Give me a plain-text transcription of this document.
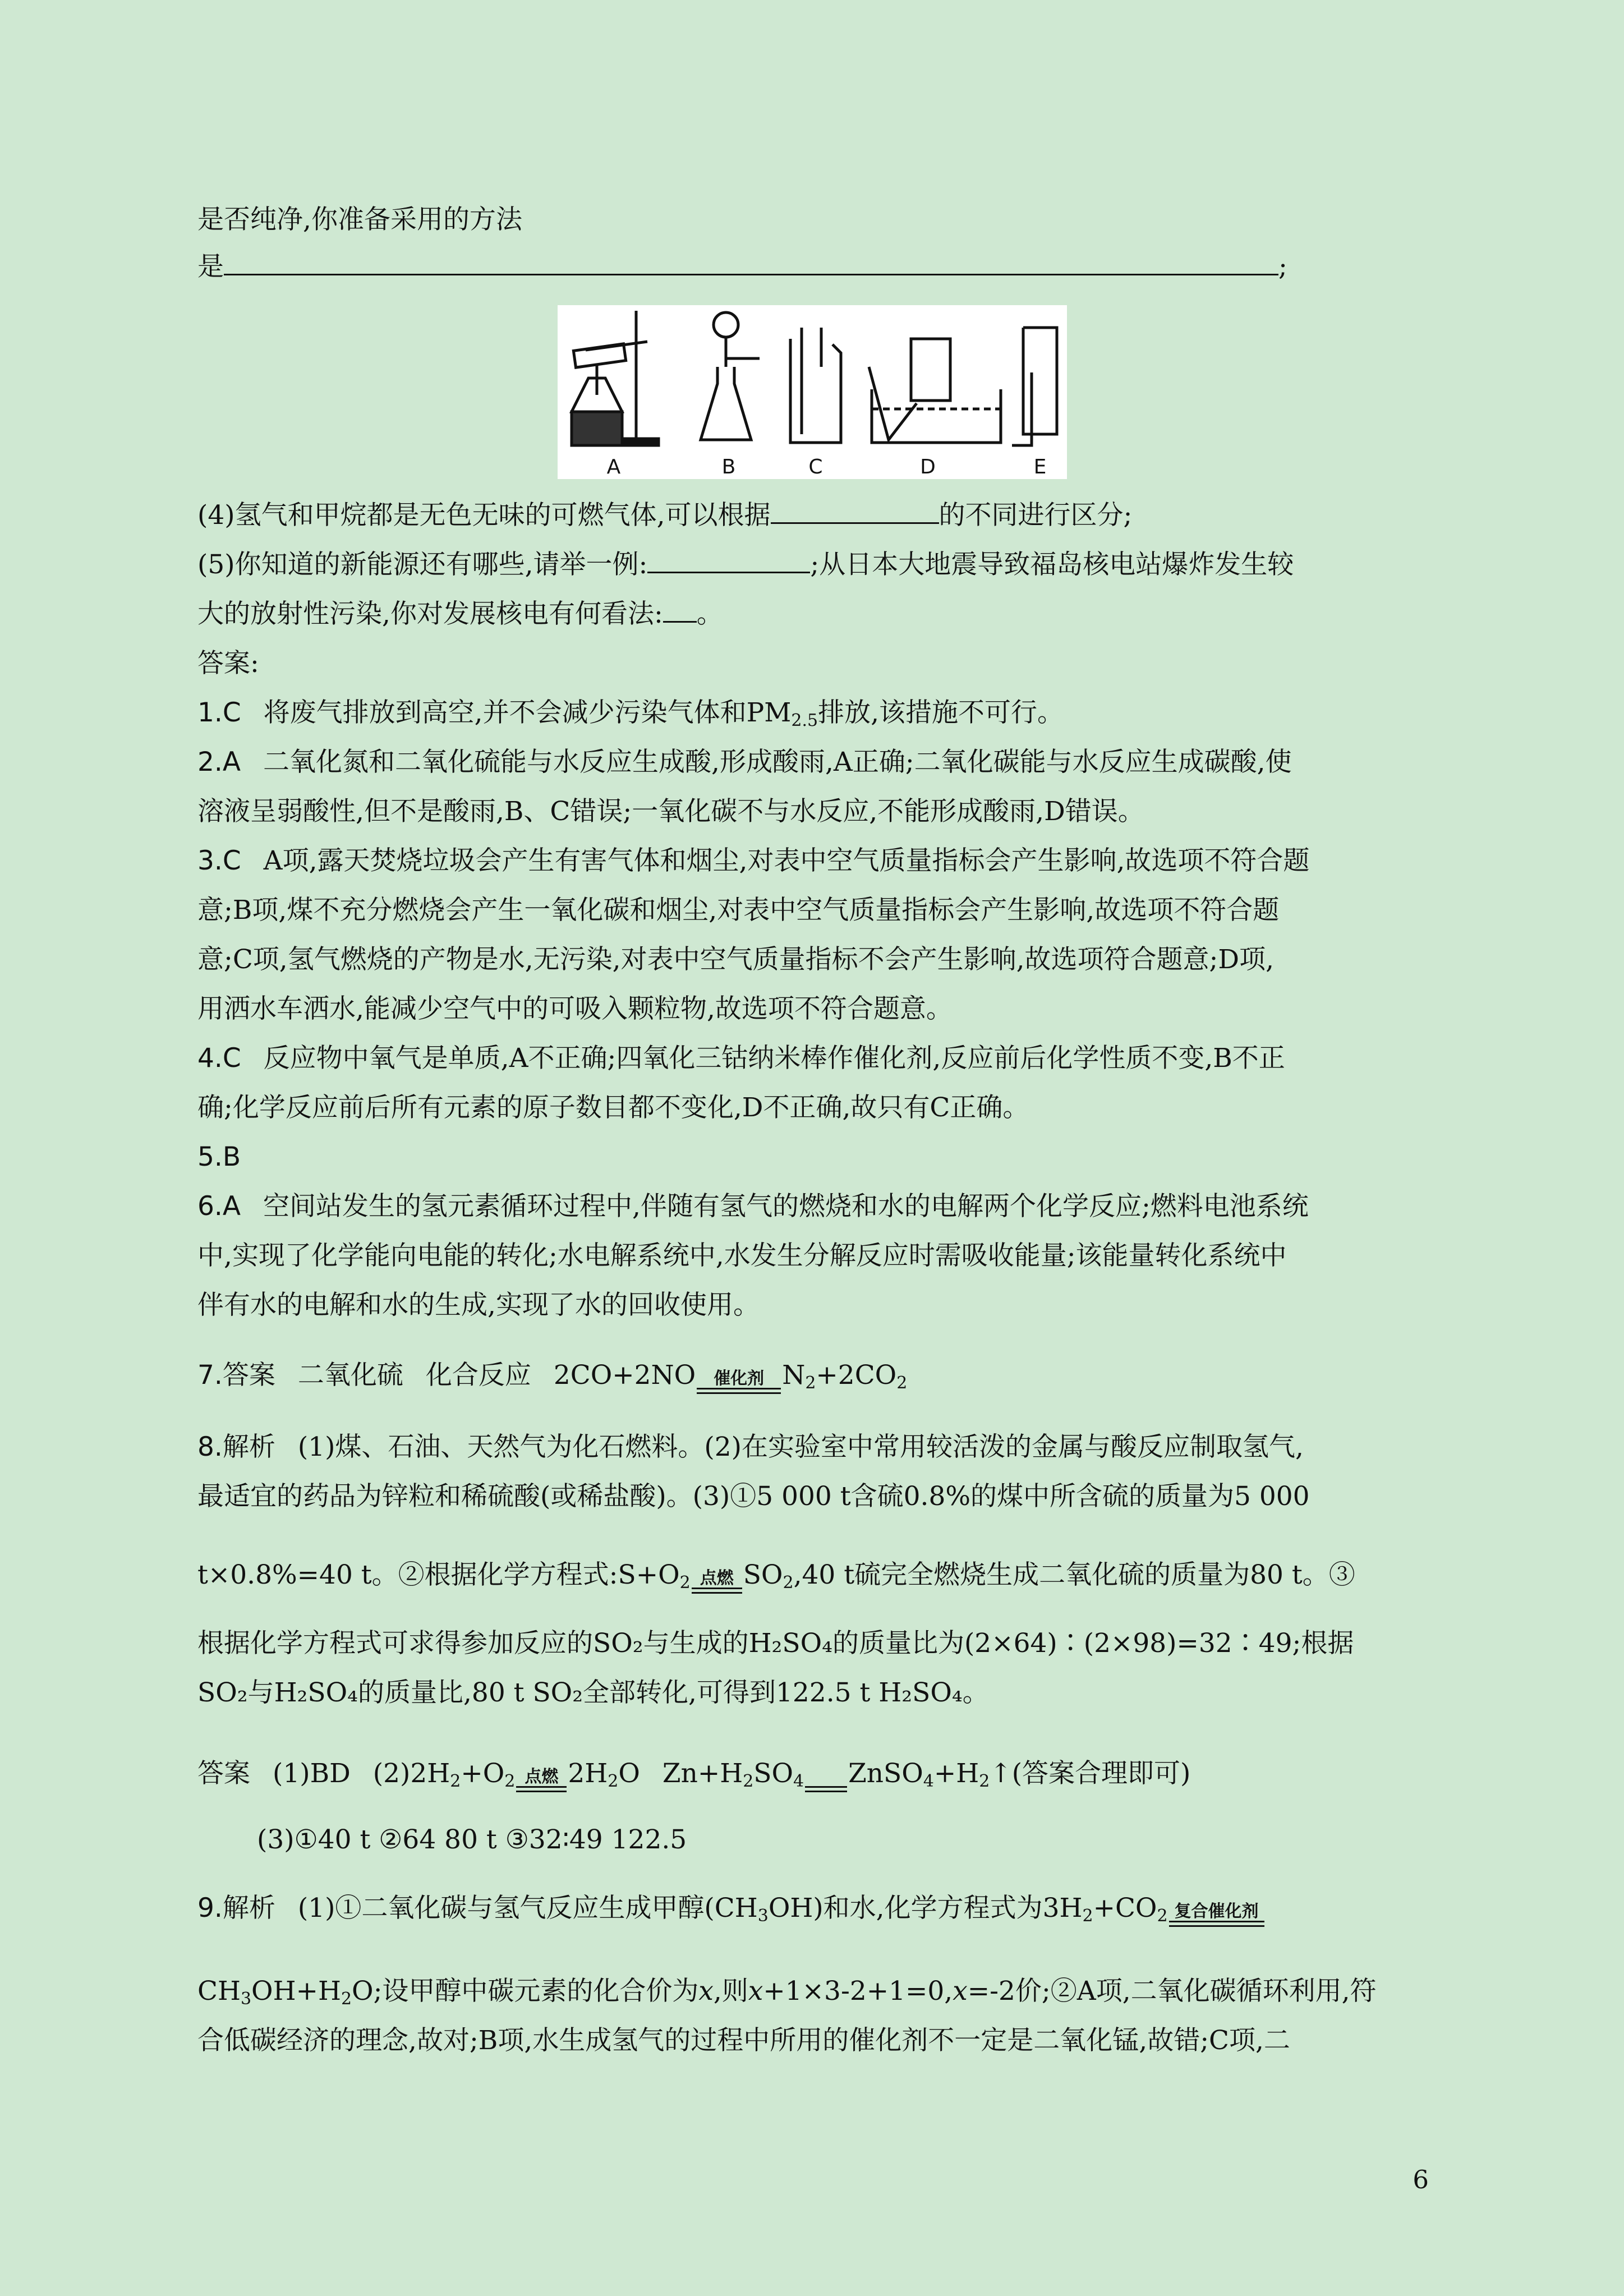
是否纯净,你准备采用的方法
是	;
A	B	C	D	E
(4)氢气和甲烷都是无色无味的可燃气体,可以根据	的不同进行区分;
(5)你知道的新能源还有哪些,请举一例:	;从日本大地震导致福岛核电站爆炸发生较
大的放射性污染,你对发展核电有何看法: 。
答案:
1.C 将废气排放到高空,并不会减少污染气体和$PM_{2.5}$排放,该措施不可行。
2.A 二氧化氮和二氧化硫能与水反应生成酸,形成酸雨,A正确;二氧化碳能与水反应生成碳酸,使
溶液呈弱酸性,但不是酸雨,B、C错误;一氧化碳不与水反应,不能形成酸雨,D错误。
3.C A项,露天焚烧垃圾会产生有害气体和烟尘,对表中空气质量指标会产生影响,故选项不符合题
意;B项,煤不充分燃烧会产生一氧化碳和烟尘,对表中空气质量指标会产生影响,故选项不符合题
意;C项,氢气燃烧的产物是水,无污染,对表中空气质量指标不会产生影响,故选项符合题意;D项,
用洒水车洒水,能减少空气中的可吸入颗粒物,故选项不符合题意。
4.C 反应物中氧气是单质,A不正确;四氧化三钴纳米棒作催化剂,反应前后化学性质不变,B不正
确;化学反应前后所有元素的原子数目都不变化,D不正确,故只有C正确。
5.B
6.A 空间站发生的氢元素循环过程中,伴随有氢气的燃烧和水的电解两个化学反应;燃料电池系统
中,实现了化学能向电能的转化;水电解系统中,水发生分解反应时需吸收能量;该能量转化系统中
伴有水的电解和水的生成,实现了水的回收使用。
7.答案 二氧化硫 化合反应 2CO+2NO	催化剂 $N_2+2CO_2$
8.解析 (1)煤、石油、天然气为化石燃料。(2)在实验室中常用较活泼的金属与酸反应制取氢气,
最适宜的药品为锌粒和稀硫酸(或稀盐酸)。(3)①5 000 t含硫0.8%的煤中所含硫的质量为5 000
t×0.8%=40 t。②根据化学方程式$:S+O_2$ 点燃 $SO_2,40$ t硫完全燃烧生成二氧化硫的质量为80 t。③
根据化学方程式可求得参加反应的SO₂与生成的H₂SO₄的质量比为(2×64)∶(2×98)=32∶49;根据
SO₂与H₂SO₄的质量比,80 t SO₂全部转化,可得到122.5 t H₂SO₄。
答案 (1)BD $(2)2H_2+O_2$ 点燃 $2H_2O$ $Zn+H_2SO_4$
$ZnSO_4+H_2↑$(答案合理即可)
(3)①40 t ②64 80 t ③32∶49 122.5
9.解析 (1)①二氧化碳与氢气反应生成甲醇$(CH_3OH)$和水,化学方程式为$3H_2+CO_2$ 复合催化剂
$CH_3OH+H_2O$;设甲醇中碳元素的化合价为x,则x+1×3-2+1=0,x=-2价;②A项,二氧化碳循环利用,符
合低碳经济的理念,故对;B项,水生成氢气的过程中所用的催化剂不一定是二氧化锰,故错;C项,二
6
